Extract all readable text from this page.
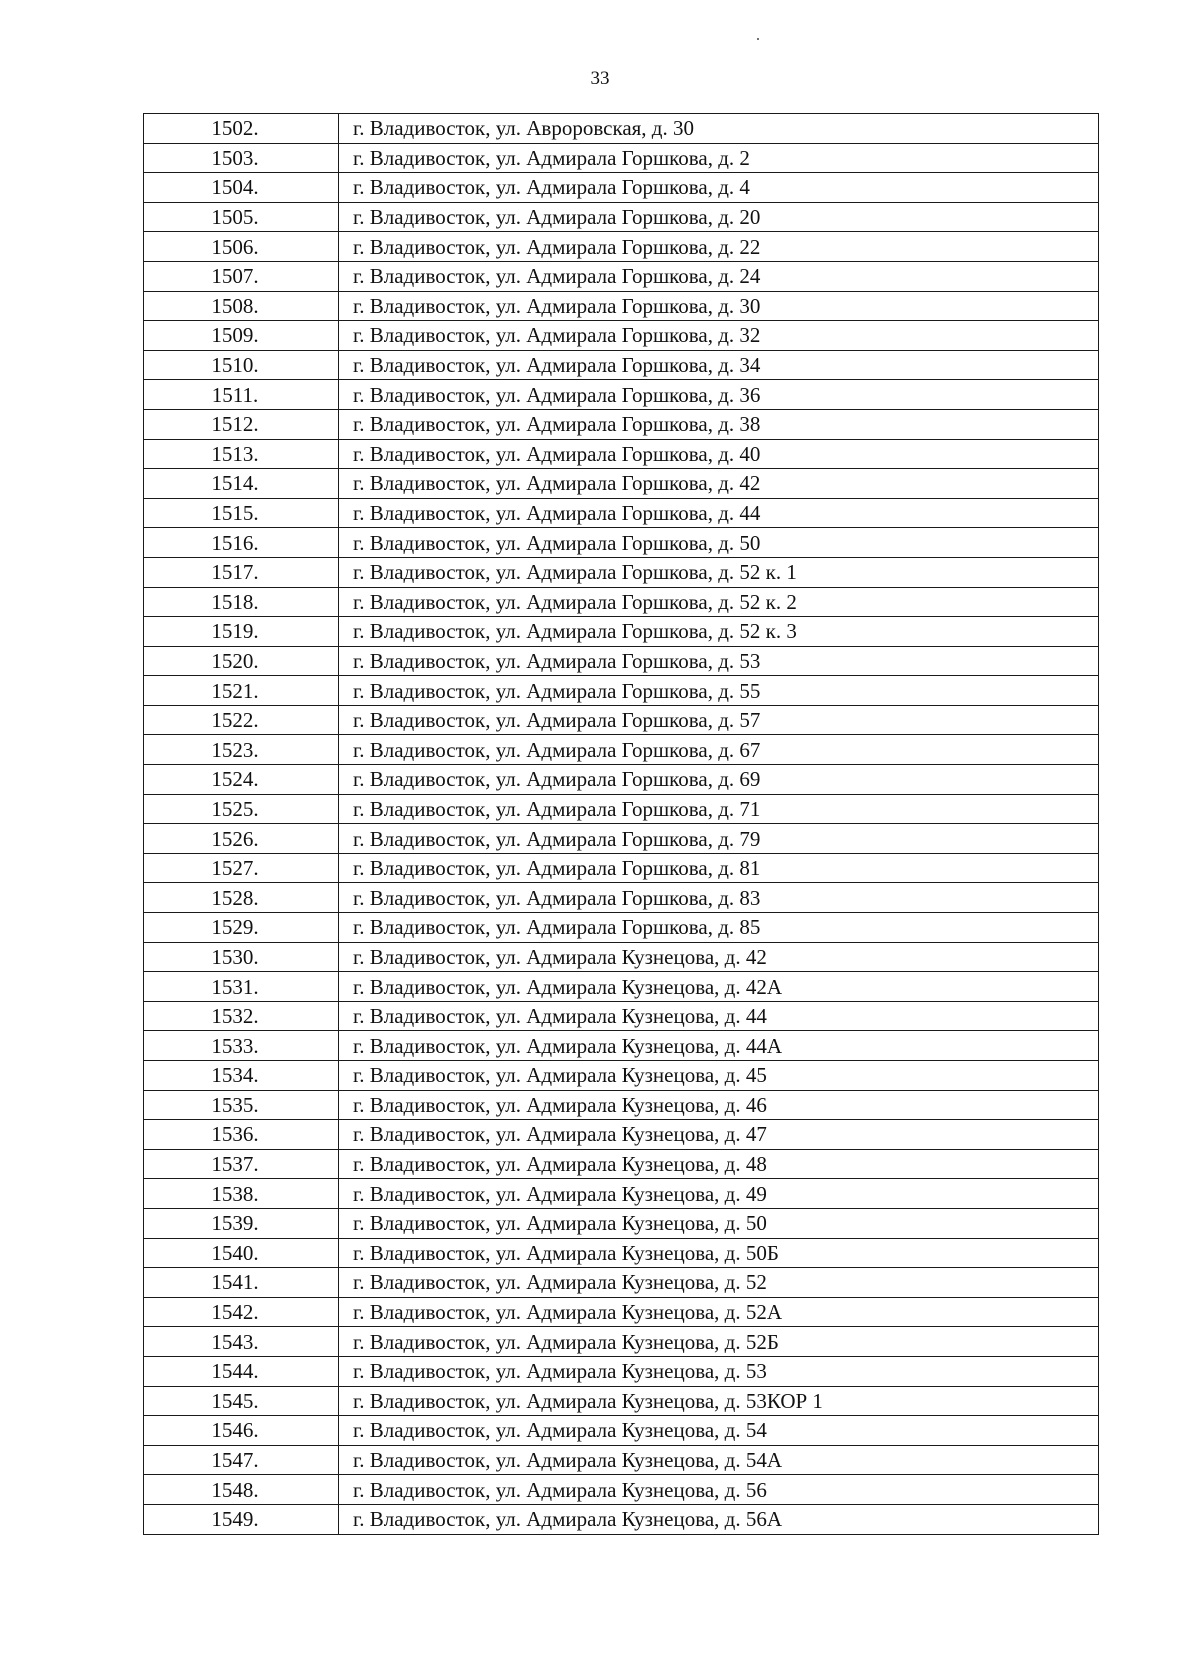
33
1502.	г. Владивосток, ул. Авроровская, д. 30
1503.	г. Владивосток, ул. Адмирала Горшкова, д. 2
1504.	г. Владивосток, ул. Адмирала Горшкова, д. 4
1505.	г. Владивосток, ул. Адмирала Горшкова, д. 20
1506.	г. Владивосток, ул. Адмирала Горшкова, д. 22
1507.	г. Владивосток, ул. Адмирала Горшкова, д. 24
1508.	г. Владивосток, ул. Адмирала Горшкова, д. 30
1509.	г. Владивосток, ул. Адмирала Горшкова, д. 32
1510.	г. Владивосток, ул. Адмирала Горшкова, д. 34
1511.	г. Владивосток, ул. Адмирала Горшкова, д. 36
1512.	г. Владивосток, ул. Адмирала Горшкова, д. 38
1513.	г. Владивосток, ул. Адмирала Горшкова, д. 40
1514.	г. Владивосток, ул. Адмирала Горшкова, д. 42
1515.	г. Владивосток, ул. Адмирала Горшкова, д. 44
1516.	г. Владивосток, ул. Адмирала Горшкова, д. 50
1517.	г. Владивосток, ул. Адмирала Горшкова, д. 52 к. 1
1518.	г. Владивосток, ул. Адмирала Горшкова, д. 52 к. 2
1519.	г. Владивосток, ул. Адмирала Горшкова, д. 52 к. 3
1520.	г. Владивосток, ул. Адмирала Горшкова, д. 53
1521.	г. Владивосток, ул. Адмирала Горшкова, д. 55
1522.	г. Владивосток, ул. Адмирала Горшкова, д. 57
1523.	г. Владивосток, ул. Адмирала Горшкова, д. 67
1524.	г. Владивосток, ул. Адмирала Горшкова, д. 69
1525.	г. Владивосток, ул. Адмирала Горшкова, д. 71
1526.	г. Владивосток, ул. Адмирала Горшкова, д. 79
1527.	г. Владивосток, ул. Адмирала Горшкова, д. 81
1528.	г. Владивосток, ул. Адмирала Горшкова, д. 83
1529.	г. Владивосток, ул. Адмирала Горшкова, д. 85
1530.	г. Владивосток, ул. Адмирала Кузнецова, д. 42
1531.	г. Владивосток, ул. Адмирала Кузнецова, д. 42А
1532.	г. Владивосток, ул. Адмирала Кузнецова, д. 44
1533.	г. Владивосток, ул. Адмирала Кузнецова, д. 44А
1534.	г. Владивосток, ул. Адмирала Кузнецова, д. 45
1535.	г. Владивосток, ул. Адмирала Кузнецова, д. 46
1536.	г. Владивосток, ул. Адмирала Кузнецова, д. 47
1537.	г. Владивосток, ул. Адмирала Кузнецова, д. 48
1538.	г. Владивосток, ул. Адмирала Кузнецова, д. 49
1539.	г. Владивосток, ул. Адмирала Кузнецова, д. 50
1540.	г. Владивосток, ул. Адмирала Кузнецова, д. 50Б
1541.	г. Владивосток, ул. Адмирала Кузнецова, д. 52
1542.	г. Владивосток, ул. Адмирала Кузнецова, д. 52А
1543.	г. Владивосток, ул. Адмирала Кузнецова, д. 52Б
1544.	г. Владивосток, ул. Адмирала Кузнецова, д. 53
1545.	г. Владивосток, ул. Адмирала Кузнецова, д. 53КОР 1
1546.	г. Владивосток, ул. Адмирала Кузнецова, д. 54
1547.	г. Владивосток, ул. Адмирала Кузнецова, д. 54А
1548.	г. Владивосток, ул. Адмирала Кузнецова, д. 56
1549.	г. Владивосток, ул. Адмирала Кузнецова, д. 56А
